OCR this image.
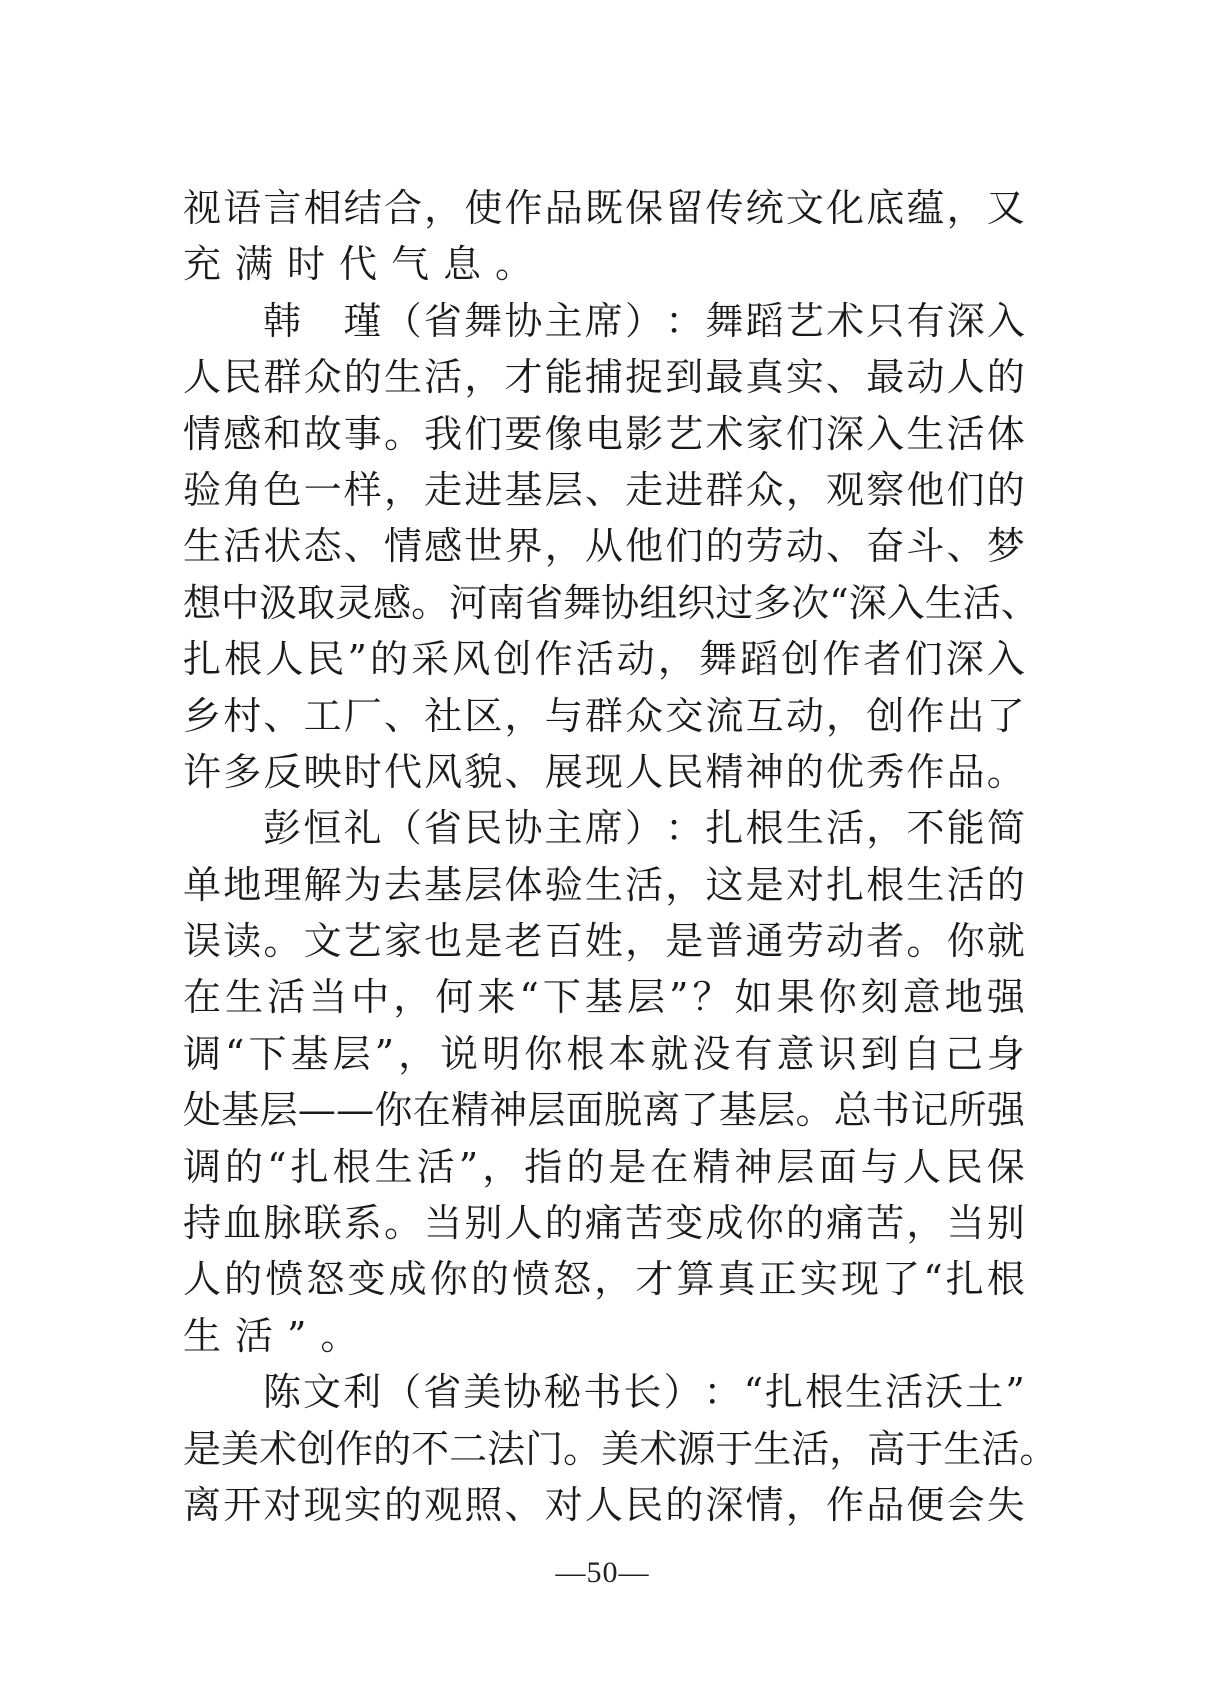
视 语 言 相 结 合 ， 使 作 品 既 保 留 传 统 文 化 底 蕴 ， 又
充满时代气息。
韩
　 瑾 （ 省 舞 协 主 席 ） ： 舞 蹈 艺 术 只 有 深 入
人 民 群 众 的 生 活 ， 才 能 捕 捉 到 最 真 实 、 最 动 人 的
情 感 和 故 事 。 我 们 要 像 电 影 艺 术 家 们 深 入 生 活 体
验 角 色 一 样 ， 走 进 基 层 、 走 进 群 众 ， 观 察 他 们 的
生 活 状 态 、 情 感 世 界 ， 从 他 们 的 劳 动 、 奋 斗 、 梦
想 中 汲 取 灵 感 。 河 南 省 舞 协 组 织 过 多 次 “ 深 入 生 活 、
扎 根 人 民 ” 的 采 风 创 作 活 动 ， 舞 蹈 创 作 者 们 深 入
乡 村 、 工 厂 、 社 区 ， 与 群 众 交 流 互 动 ， 创 作 出 了
许 多 反 映 时 代 风 貌 、 展 现 人 民 精 神 的 优 秀 作 品 。
彭 恒 礼 （ 省 民 协 主 席 ） ： 扎 根 生 活 ， 不 能 简
单 地 理 解 为 去 基 层 体 验 生 活 ， 这 是 对 扎 根 生 活 的
误 读 。 文 艺 家 也 是 老 百 姓 ， 是 普 通 劳 动 者 。 你 就
在 生 活 当 中 ， 何 来 “ 下 基 层 ” ？ 如 果 你 刻 意 地 强
调 “ 下 基 层 ” ， 说 明 你 根 本 就 没 有 意 识 到 自 己 身
处 基 层 — — 你 在 精 神 层 面 脱 离 了 基 层 。 总 书 记 所 强
调 的 “ 扎 根 生 活 ” ， 指 的 是 在 精 神 层 面 与 人 民 保
持 血 脉 联 系 。 当 别 人 的 痛 苦 变 成 你 的 痛 苦 ， 当 别
人 的 愤 怒 变 成 你 的 愤 怒 ， 才 算 真 正 实 现 了 “ 扎 根
生活”。
陈 文 利 （ 省 美 协 秘 书 长 ） ： “ 扎 根 生 活 沃 土 ”
是 美 术 创 作 的 不 二 法 门 。 美 术 源 于 生 活 ， 高 于 生 活 。
离 开 对 现 实 的 观 照 、 对 人 民 的 深 情 ， 作 品 便 会 失
—50—
